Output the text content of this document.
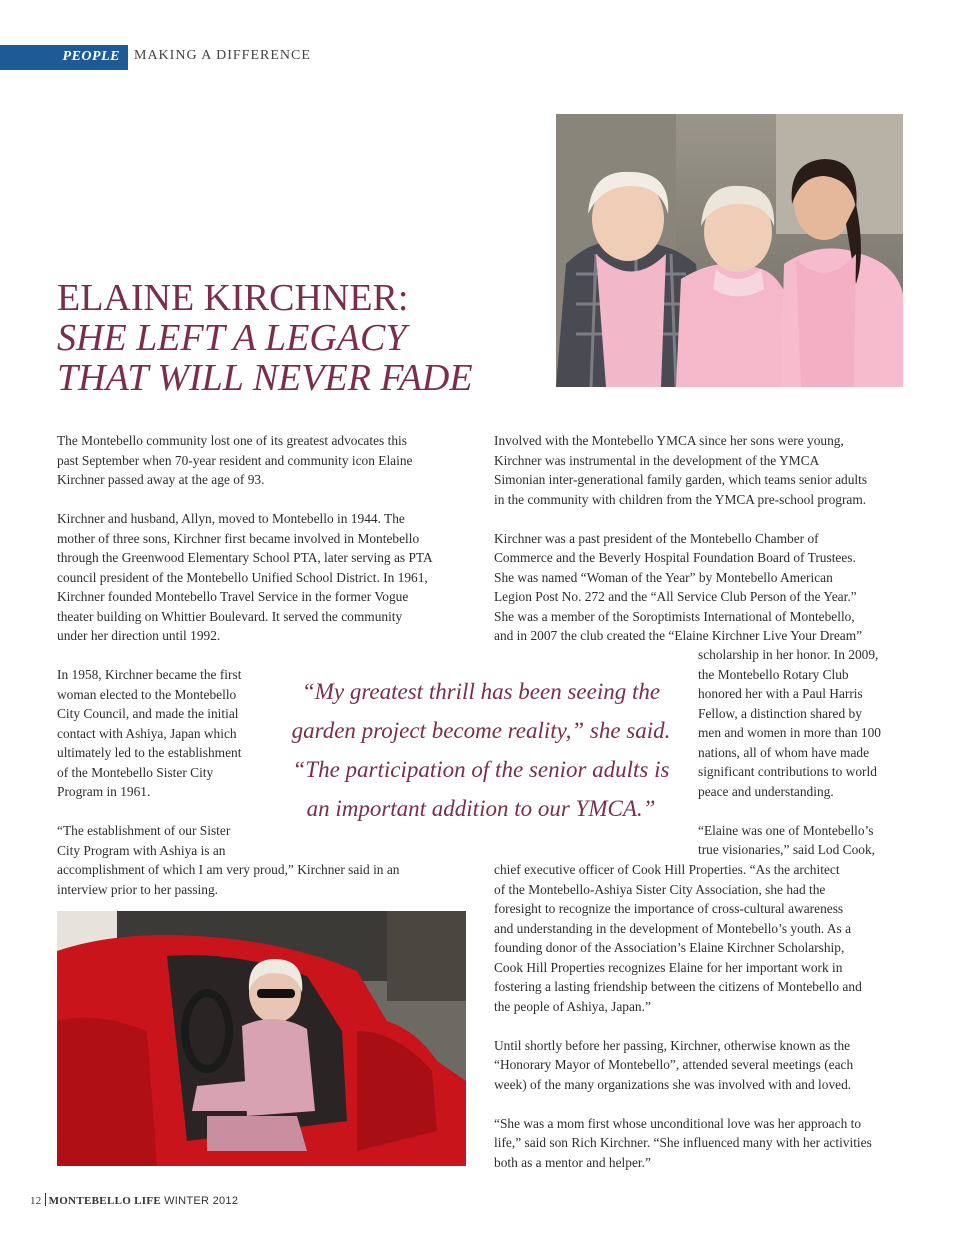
PEOPLE MAKING A DIFFERENCE
ELAINE KIRCHNER:
SHE LEFT A LEGACY
THAT WILL NEVER FADE

The Montebello community lost one of its greatest advocates this
past September when 70-year resident and community icon Elaine
Kirchner passed away at the age of 93.

Kirchner and husband, Allyn, moved to Montebello in 1944. The
mother of three sons, Kirchner first became involved in Montebello
through the Greenwood Elementary School PTA, later serving as PTA
council president of the Montebello Unified School District. In 1961,
Kirchner founded Montebello Travel Service in the former Vogue
theater building on Whittier Boulevard. It served the community
under her direction until 1992.

In 1958, Kirchner became the first
woman elected to the Montebello
City Council, and made the initial
contact with Ashiya, Japan which
ultimately led to the establishment
of the Montebello Sister City
Program in 1961.

“The establishment of our Sister
City Program with Ashiya is an
accomplishment of which I am very proud,” Kirchner said in an
interview prior to her passing.

“My greatest thrill has been seeing the
garden project become reality,” she said.
“The participation of the senior adults is
an important addition to our YMCA.”

Involved with the Montebello YMCA since her sons were young,
Kirchner was instrumental in the development of the YMCA
Simonian inter-generational family garden, which teams senior adults
in the community with children from the YMCA pre-school program.

Kirchner was a past president of the Montebello Chamber of
Commerce and the Beverly Hospital Foundation Board of Trustees.
She was named “Woman of the Year” by Montebello American
Legion Post No. 272 and the “All Service Club Person of the Year.”
She was a member of the Soroptimists International of Montebello,
and in 2007 the club created the “Elaine Kirchner Live Your Dream”

scholarship in her honor. In 2009,
the Montebello Rotary Club
honored her with a Paul Harris
Fellow, a distinction shared by
men and women in more than 100
nations, all of whom have made
significant contributions to world
peace and understanding.

“Elaine was one of Montebello’s
true visionaries,” said Lod Cook,

chief executive officer of Cook Hill Properties. “As the architect
of the Montebello-Ashiya Sister City Association, she had the
foresight to recognize the importance of cross-cultural awareness
and understanding in the development of Montebello’s youth. As a
founding donor of the Association’s Elaine Kirchner Scholarship,
Cook Hill Properties recognizes Elaine for her important work in
fostering a lasting friendship between the citizens of Montebello and
the people of Ashiya, Japan.”

Until shortly before her passing, Kirchner, otherwise known as the
“Honorary Mayor of Montebello”, attended several meetings (each
week) of the many organizations she was involved with and loved.

“She was a mom first whose unconditional love was her approach to
life,” said son Rich Kirchner. “She influenced many with her activities
both as a mentor and helper.”

12 MONTEBELLO LIFE WINTER 2012
